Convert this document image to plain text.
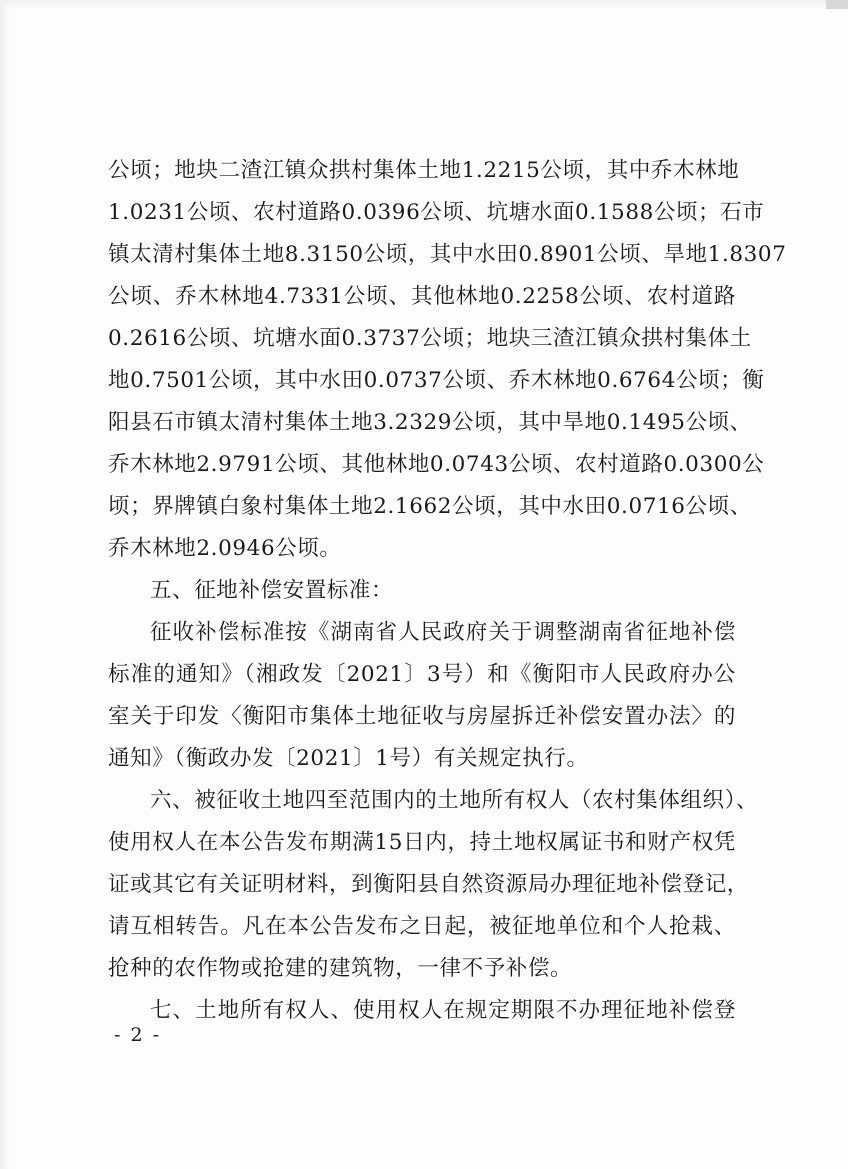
公顷；地块二渣江镇众拱村集体土地1.2215公顷，其中乔木林地
1.0231公顷、农村道路0.0396公顷、坑塘水面0.1588公顷；石市
镇太清村集体土地8.3150公顷，其中水田0.8901公顷、旱地1.8307
公顷、乔木林地4.7331公顷、其他林地0.2258公顷、农村道路
0.2616公顷、坑塘水面0.3737公顷；地块三渣江镇众拱村集体土
地0.7501公顷，其中水田0.0737公顷、乔木林地0.6764公顷；衡
阳县石市镇太清村集体土地3.2329公顷，其中旱地0.1495公顷、
乔木林地2.9791公顷、其他林地0.0743公顷、农村道路0.0300公
顷；界牌镇白象村集体土地2.1662公顷，其中水田0.0716公顷、
乔木林地2.0946公顷。
五、征地补偿安置标准：
征收补偿标准按《湖南省人民政府关于调整湖南省征地补偿
标准的通知》（湘政发〔2021〕3号）和《衡阳市人民政府办公
室关于印发〈衡阳市集体土地征收与房屋拆迁补偿安置办法〉的
通知》（衡政办发〔2021〕1号）有关规定执行。
六、被征收土地四至范围内的土地所有权人（农村集体组织）、
使用权人在本公告发布期满15日内，持土地权属证书和财产权凭
证或其它有关证明材料，到衡阳县自然资源局办理征地补偿登记，
请互相转告。凡在本公告发布之日起，被征地单位和个人抢栽、
抢种的农作物或抢建的建筑物，一律不予补偿。
七、土地所有权人、使用权人在规定期限不办理征地补偿登
- 2 -
